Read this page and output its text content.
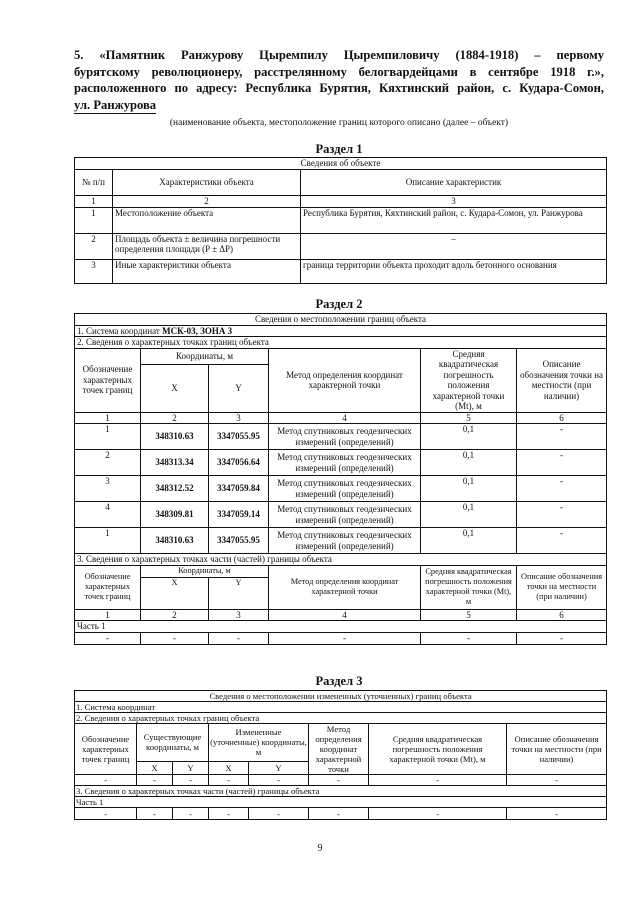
5. «Памятник Ранжурову Цыремпилу Цыремпиловичу (1884-1918) – первому
бурятскому революционеру, расстрелянному белогвардейцами в сентябре 1918 г.»,
расположенного по адресу: Республика Бурятия, Кяхтинский район, с. Кудара-Сомон,
ул. Ранжурова
(наименование объекта, местоположение границ которого описано (далее – объект)
Раздел 1
Сведения об объекте		
№ п/п	Характеристики объекта	Описание характеристик
1	2	3
1	Местоположение объекта	Республика Бурятия, Кяхтинский район, с. Кудара-Сомон, ул. Ранжурова
2	Площадь объекта ± величина погрешности определения площади (P ± ΔP)	–
3	Иные характеристики объекта	граница территории объекта проходит вдоль бетонного основания
Раздел 2
Сведения о местоположении границ объекта					
1. Система координат МСК-03, ЗОНА 3					
2. Сведения о характерных точках границ объекта					
Обозначение характерных точек границ	Координаты, м		Метод определения координат характерной точки	Средняя квадратическая погрешность положения характерной точки (Mt), м	Описание обозначения точки на местности (при наличии)
	X	Y			
1	2	3	4	5	6
1	348310.63	3347055.95	Метод спутниковых геодезических измерений (определений)	0,1	-
2	348313.34	3347056.64	Метод спутниковых геодезических измерений (определений)	0,1	-
3	348312.52	3347059.84	Метод спутниковых геодезических измерений (определений)	0,1	-
4	348309.81	3347059.14	Метод спутниковых геодезических измерений (определений)	0,1	-
1	348310.63	3347055.95	Метод спутниковых геодезических измерений (определений)	0,1	-
3. Сведения о характерных точках части (частей) границы объекта					
Обозначение характерных точек границ	Координаты, м		Метод определения координат характерной точки	Средняя квадратическая погрешность положения характерной точки (Mt), м	Описание обозначения точки на местности (при наличии)
	X	Y			
1	2	3	4	5	6
Часть 1					
-	-	-	-	-	-
Раздел 3
Сведения о местоположении измененных (уточненных) границ объекта							
1. Система координат							
2. Сведения о характерных точках границ объекта							
Обозначение характерных точек границ	Существующие координаты, м		Измененные (уточненные) координаты, м		Метод определения координат характерной точки	Средняя квадратическая погрешность положения характерной точки (Mt), м	Описание обозначения точки на местности (при наличии)
	X	Y	X	Y			
-	-	-	-	-	-	-	-
3. Сведения о характерных точках части (частей) границы объекта							
Часть 1							
-	-	-	-	-	-	-	-
9
